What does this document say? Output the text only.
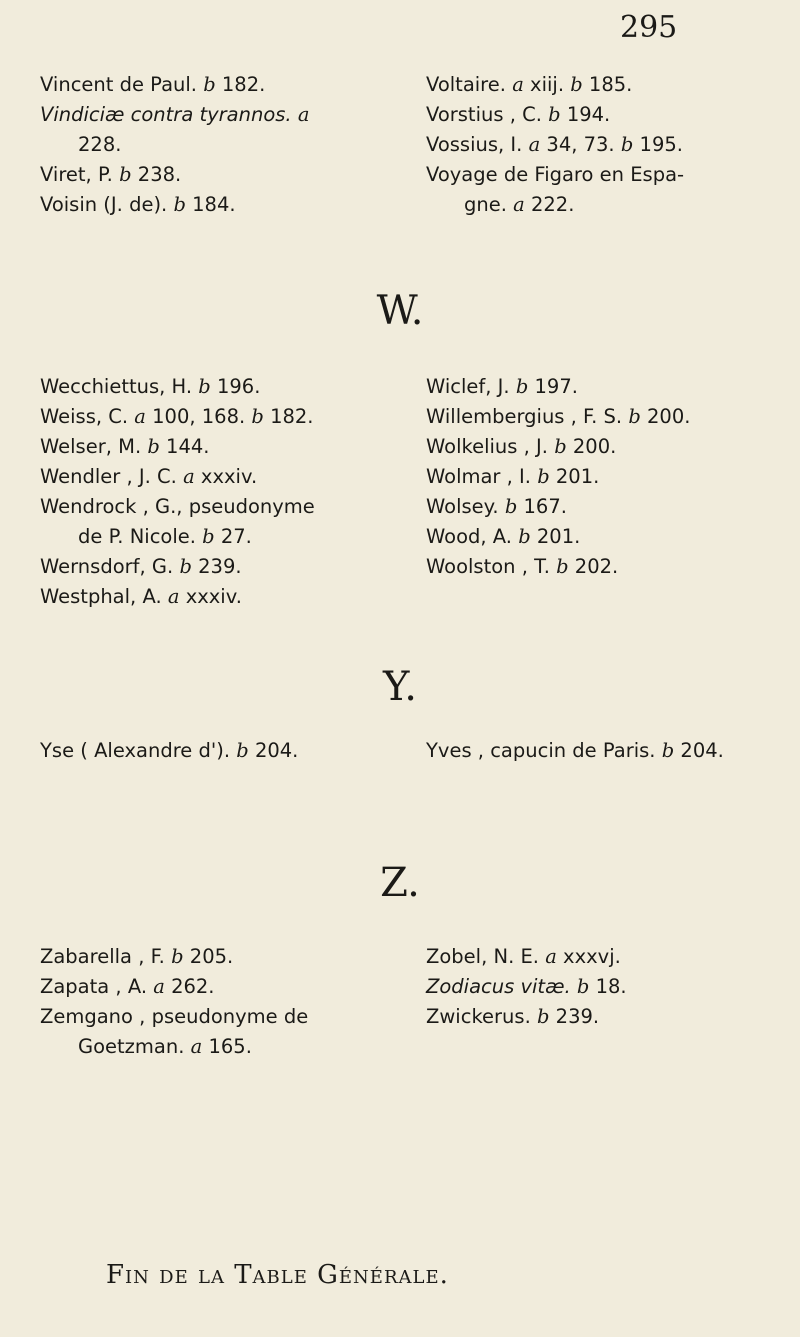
295
Vincent de Paul. b 182.
Vindiciæ contra tyrannos. a
228.
Viret, P. b 238.
Voisin (J. de). b 184.
Voltaire. a xiij. b 185.
Vorstius , C. b 194.
Vossius, I. a 34, 73. b 195.
Voyage de Figaro en Espa-
gne. a 222.
W.
Wecchiettus, H. b 196.
Weiss, C. a 100, 168. b 182.
Welser, M. b 144.
Wendler , J. C. a xxxiv.
Wendrock , G., pseudonyme
de P. Nicole. b 27.
Wernsdorf, G. b 239.
Westphal, A. a xxxiv.
Wiclef, J. b 197.
Willembergius , F. S. b 200.
Wolkelius , J. b 200.
Wolmar , I. b 201.
Wolsey. b 167.
Wood, A. b 201.
Woolston , T. b 202.
Y.
Yse ( Alexandre d'). b 204.	Yves , capucin de Paris. b 204.
Z.
Zabarella , F. b 205.
Zapata , A. a 262.
Zemgano , pseudonyme de
Goetzman. a 165.
Zobel, N. E. a xxxvj.
Zodiacus vitæ. b 18.
Zwickerus. b 239.
Fin de la Table Générale.
